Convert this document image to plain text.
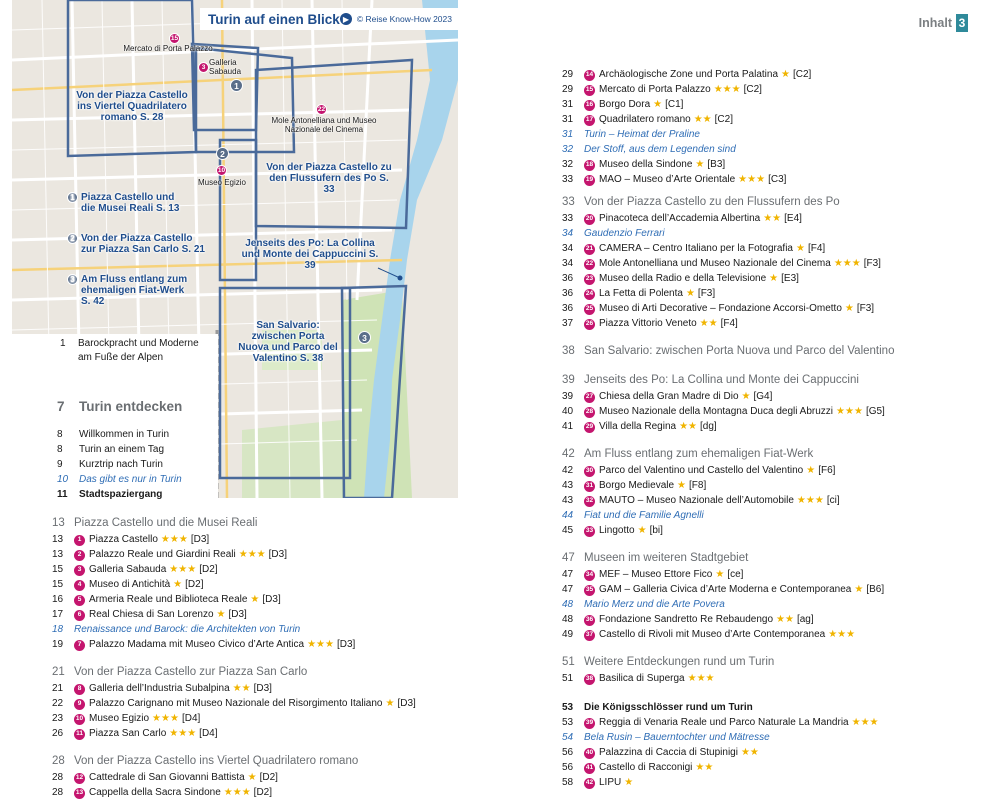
Inhalt 3
Turin auf einen Blick ▶ © Reise Know-How 2023
15
Mercato di Porta Palazzo
3
Galleria Sabauda
1
22
Mole Antonelliana und Museo Nazionale del Cinema
2
10
Museo Egizio
3
Von der Piazza Castello ins Viertel Quadrilatero romano S. 28
Von der Piazza Castello zu den Flussufern des Po S. 33
Jenseits des Po: La Collina und Monte dei Cappuccini S. 39
San Salvario: zwischen Porta Nuova und Parco del Valentino S. 38
1 Piazza Castello und die Musei Reali S. 13
2 Von der Piazza Castello zur Piazza San Carlo S. 21
3 Am Fluss entlang zum ehemaligen Fiat-Werk S. 42
1 Barockpracht und Moderne am Fuße der Alpen
7	Turin entdecken
8	Willkommen in Turin
8	Turin an einem Tag
9	Kurztrip nach Turin
10	Das gibt es nur in Turin
11	Stadtspaziergang
13 Piazza Castello und die Musei Reali
13	1 Piazza Castello ★★★ [D3]
13	2 Palazzo Reale und Giardini Reali ★★★ [D3]
15	3 Galleria Sabauda ★★★ [D2]
15	4 Museo di Antichità ★ [D2]
16	5 Armeria Reale und Biblioteca Reale ★ [D3]
17	6 Real Chiesa di San Lorenzo ★ [D3]
18	Renaissance und Barock: die Architekten von Turin
19	7 Palazzo Madama mit Museo Civico d’Arte Antica ★★★ [D3]
21 Von der Piazza Castello zur Piazza San Carlo
21	8 Galleria dell’Industria Subalpina ★★ [D3]
22	9 Palazzo Carignano mit Museo Nazionale del Risorgimento Italiano ★ [D3]
23	10 Museo Egizio ★★★ [D4]
26	11 Piazza San Carlo ★★★ [D4]
28 Von der Piazza Castello ins Viertel Quadrilatero romano
28	12 Cattedrale di San Giovanni Battista ★ [D2]
28	13 Cappella della Sacra Sindone ★★★ [D2]
29	14 Archäologische Zone und Porta Palatina ★ [C2]
29	15 Mercato di Porta Palazzo ★★★ [C2]
31	16 Borgo Dora ★ [C1]
31	17 Quadrilatero romano ★★ [C2]
31	Turin – Heimat der Praline
32	Der Stoff, aus dem Legenden sind
32	18 Museo della Sindone ★ [B3]
33	19 MAO – Museo d’Arte Orientale ★★★ [C3]
33 Von der Piazza Castello zu den Flussufern des Po
33	20 Pinacoteca dell’Accademia Albertina ★★ [E4]
34	Gaudenzio Ferrari
34	21 CAMERA – Centro Italiano per la Fotografia ★ [F4]
34	22 Mole Antonelliana und Museo Nazionale del Cinema ★★★ [F3]
36	23 Museo della Radio e della Televisione ★ [E3]
36	24 La Fetta di Polenta ★ [F3]
36	25 Museo di Arti Decorative – Fondazione Accorsi-Ometto ★ [F3]
37	26 Piazza Vittorio Veneto ★★ [F4]
38 San Salvario: zwischen Porta Nuova und Parco del Valentino
39 Jenseits des Po: La Collina und Monte dei Cappuccini
39	27 Chiesa della Gran Madre di Dio ★ [G4]
40	28 Museo Nazionale della Montagna Duca degli Abruzzi ★★★ [G5]
41	29 Villa della Regina ★★ [dg]
42 Am Fluss entlang zum ehemaligen Fiat-Werk
42	30 Parco del Valentino und Castello del Valentino ★ [F6]
43	31 Borgo Medievale ★ [F8]
43	32 MAUTO – Museo Nazionale dell’Automobile ★★★ [ci]
44	Fiat und die Familie Agnelli
45	33 Lingotto ★ [bi]
47 Museen im weiteren Stadtgebiet
47	34 MEF – Museo Ettore Fico ★ [ce]
47	35 GAM – Galleria Civica d’Arte Moderna e Contemporanea ★ [B6]
48	Mario Merz und die Arte Povera
48	36 Fondazione Sandretto Re Rebaudengo ★★ [ag]
49	37 Castello di Rivoli mit Museo d’Arte Contemporanea ★★★
51 Weitere Entdeckungen rund um Turin
51	38 Basilica di Superga ★★★
53	Die Königsschlösser rund um Turin
53	39 Reggia di Venaria Reale und Parco Naturale La Mandria ★★★
54	Bela Rusin – Bauerntochter und Mätresse
56	40 Palazzina di Caccia di Stupinigi ★★
56	41 Castello di Racconigi ★★
58	42 LIPU ★
